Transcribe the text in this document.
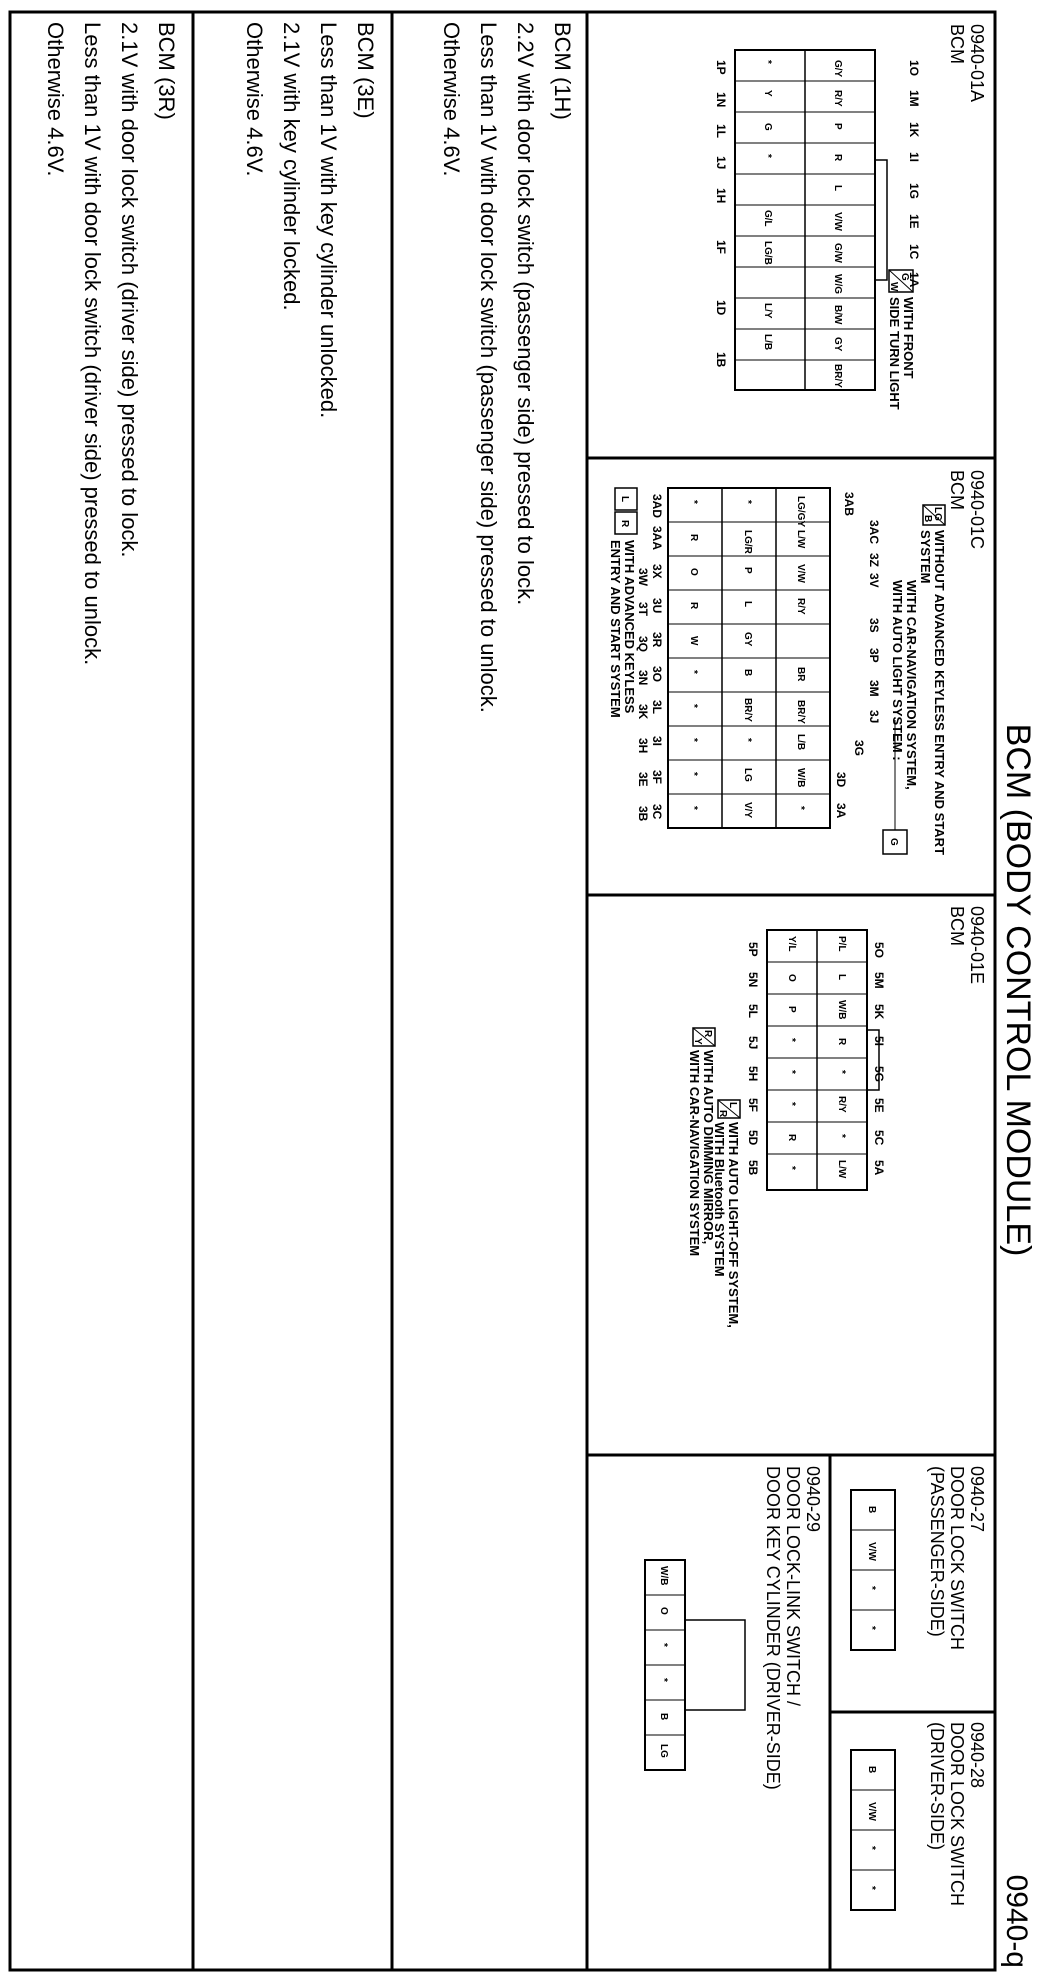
BCM (BODY CONTROL MODULE)
0940-q
0940-01A
BCM
G
W
WITH FRONT
SIDE TURN LIGHT
1O
1M
1K
1I
1G
1E
1C
1A
G/Y
R/Y
P
R
L
V/W
G/W
W/G
B/W
GY
BR/Y
*
Y
G
*
G/L
LG/B
L/Y
L/B
1P
1N
1L
1J
1H
1F
1D
1B
0940-01C
BCM
LG
B
WITHOUT ADVANCED KEYLESS ENTRY AND START
SYSTEM
WITH CAR-NAVIGATION SYSTEM,
WITH AUTO LIGHT SYSTEM :
G
3AC
3Z
3V
3S
3P
3M
3J
3G
3D
3A
3AB
LG/GY
L/W
V/W
R/Y
BR
BR/Y
L/B
W/B
*
*
LG/R
P
L
GY
B
BR/Y
*
LG
V/Y
*
R
O
R
W
*
*
*
*
*
3AD
3AA
3X
3U
3R
3O
3L
3I
3F
3C
3W
3T
3Q
3N
3K
3H
3E
3B
L
R
WITH ADVANCED KEYLESS
ENTRY AND START SYSTEM
0940-01E
BCM
5O
5M
5K
5I
5G
5E
5C
5A
P/L
L
W/B
R
*
R/Y
*
L/W
Y/L
O
P
*
*
*
R
*
5P
5N
5L
5J
5H
5F
5D
5B
L
R
WITH AUTO LIGHT-OFF SYSTEM,
WITH Bluetooth SYSTEM
R
Y
WITH AUTO DIMMING MIRROR,
WITH CAR-NAVIGATION SYSTEM
0940-27
DOOR LOCK SWITCH
(PASSENGER-SIDE)
B
V/W
*
*
0940-28
DOOR LOCK SWITCH
(DRIVER-SIDE)
B
V/W
*
*
0940-29
DOOR LOCK-LINK SWITCH /
DOOR KEY CYLINDER (DRIVER-SIDE)
W/B
O
*
*
B
LG
BCM (1H)
2.2V with door lock switch (passenger side) pressed to lock.
Less than 1V with door lock switch (passenger side) pressed to unlock.
Otherwise 4.6V.
BCM (3E)
Less than 1V with key cylinder unlocked.
2.1V with key cylinder locked.
Otherwise 4.6V.
BCM (3R)
2.1V with door lock switch (driver side) pressed to lock.
Less than 1V with door lock switch (driver side) pressed to unlock.
Otherwise 4.6V.
